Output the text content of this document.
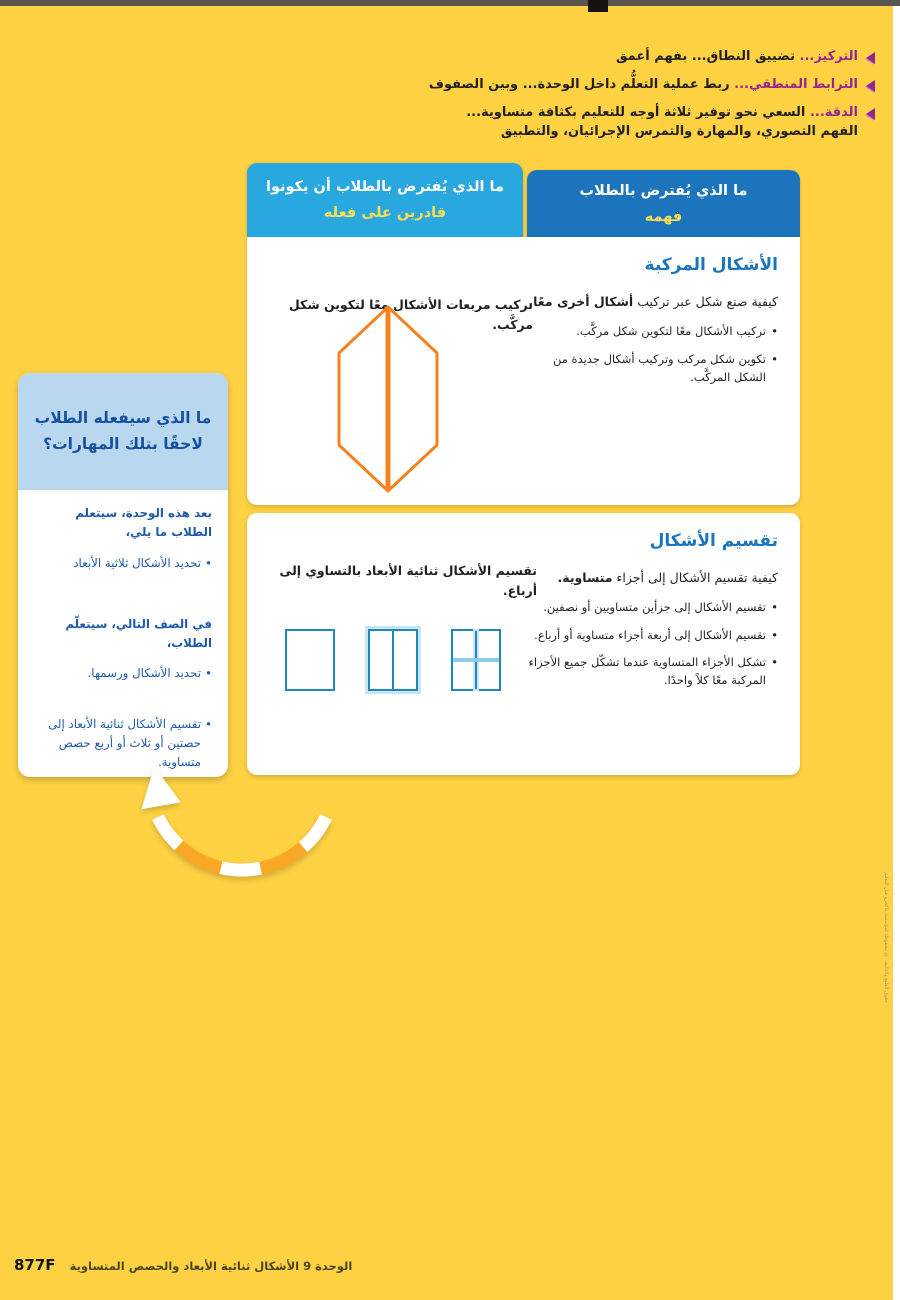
التركيز... تضييق النطاق... بفهم أعمق
الترابط المنطقي... ربط عملية التعلُّم داخل الوحدة... وبين الصفوف
الدقة... السعي نحو توفير ثلاثة أوجه للتعليم بكثافة متساوية...
الفهم التصوري، والمهارة والتمرس الإجرائيان، والتطبيق
ما الذي يُفترض بالطلاب
فهمه
ما الذي يُفترض بالطلاب أن يكونوا
قادرين على فعله
الأشكال المركبة
كيفية صنع شكل عبر تركيب أشكال أخرى معًا.
• تركيب الأشكال معًا لتكوين شكل مركَّب.
• تكوين شكل مركب وتركيب أشكال جديدة من الشكل المركَّب.
تركيب مربعات الأشكال معًا لتكوين شكل مركَّب.
تقسيم الأشكال
كيفية تقسيم الأشكال إلى أجزاء متساوية.
• تقسيم الأشكال إلى جزأين متساويين أو نصفين.
• تقسيم الأشكال إلى أربعة أجزاء متساوية أو أرباع.
• تشكل الأجزاء المتساوية عندما تشكّل جميع الأجزاء المركبة معًا كلاً واحدًا.
تقسيم الأشكال ثنائية الأبعاد بالتساوي إلى أرباع.
ما الذي سيفعله الطلاب لاحقًا بتلك المهارات؟
بعد هذه الوحدة، سيتعلم الطلاب ما يلي،
• تحديد الأشكال ثلاثية الأبعاد
في الصف التالي، سيتعلّم الطلاب،
• تحديد الأشكال ورسمها.
• تقسيم الأشكال ثنائية الأبعاد إلى حصتين أو ثلاث أو أربع حصص متساوية.
877F الوحدة 9 الأشكال ثنائية الأبعاد والحصص المتساوية
حقوق الطبع والتأليف © محفوظة لمؤسسة ماكجرو هيل للتعليم
